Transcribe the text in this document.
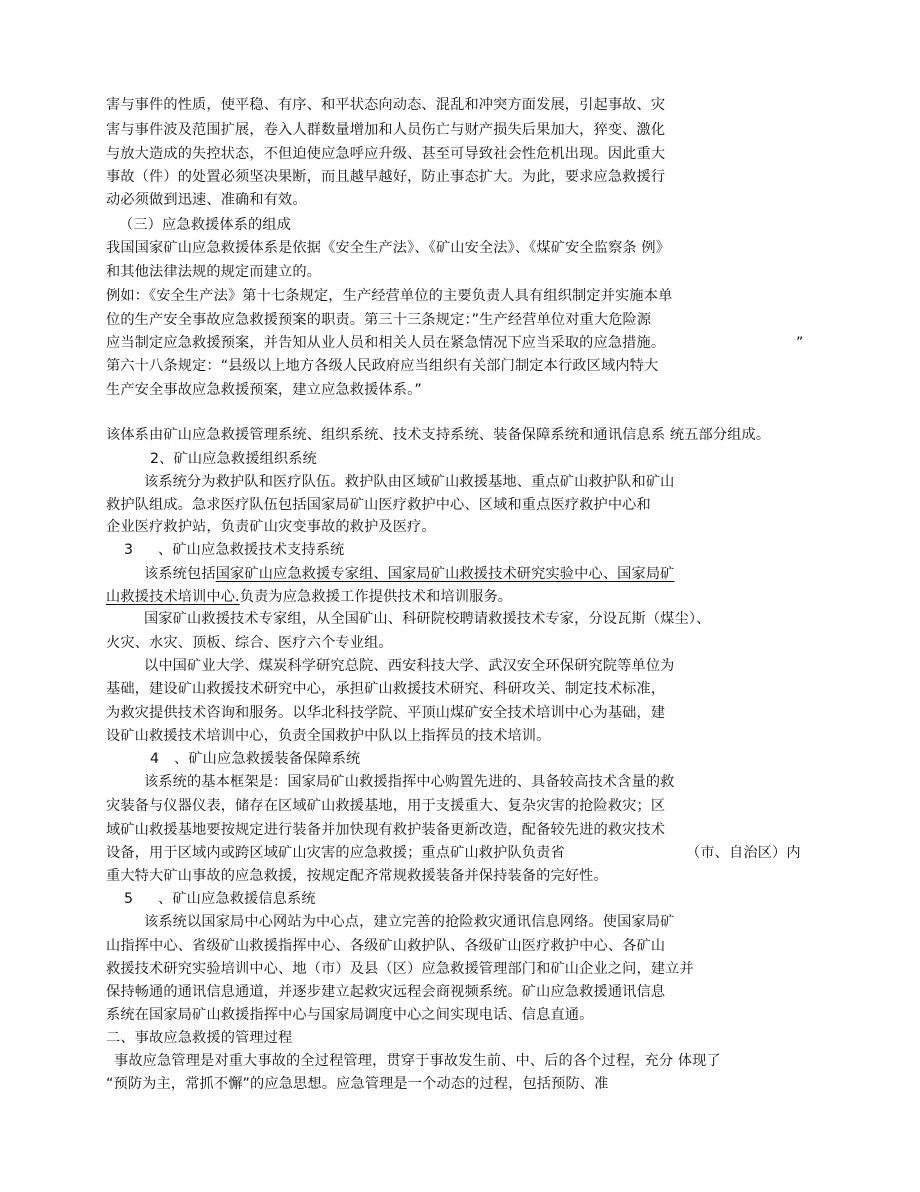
害与事件的性质，使平稳、有序、和平状态向动态、混乱和冲突方面发展，引起事故、灾
害与事件波及范围扩展，卷入人群数量增加和人员伤亡与财产损失后果加大，猝变、激化
与放大造成的失控状态，不但迫使应急呼应升级、甚至可导致社会性危机出现。因此重大
事故（件）的处置必须坚决果断，而且越早越好，防止事态扩大。为此，要求应急救援行
动必须做到迅速、准确和有效。
（三）应急救援体系的组成
我国国家矿山应急救援体系是依据《安全生产法》、《矿山安全法》、《煤矿安全监察条 例》
和其他法律法规的规定而建立的。
例如：《安全生产法》第十七条规定，生产经营单位的主要负责人具有组织制定并实施本单
位的生产安全事故应急救援预案的职责。第三十三条规定：”生产经营单位对重大危险源
应当制定应急救援预案，并告知从业人员和相关人员在紧急情况下应当采取的应急措施。	”
第六十八条规定：“县级以上地方各级人民政府应当组织有关部门制定本行政区域内特大
生产安全事故应急救援预案，建立应急救援体系。”
该体系由矿山应急救援管理系统、组织系统、技术支持系统、装备保障系统和通讯信息系 统五部分组成。
2、矿山应急救援组织系统
该系统分为救护队和医疗队伍。救护队由区域矿山救援基地、重点矿山救护队和矿山
救护队组成。急求医疗队伍包括国家局矿山医疗救护中心、区域和重点医疗救护中心和
企业医疗救护站，负责矿山灾变事故的救护及医疗。
3 、矿山应急救援技术支持系统
该系统包括国家矿山应急救援专家组、国家局矿山救援技术研究实验中心、国家局矿
山救援技术培训中心.负责为应急救援工作提供技术和培训服务。
国家矿山救援技术专家组，从全国矿山、科研院校聘请救援技术专家，分设瓦斯（煤尘）、
火灾、水灾、顶板、综合、医疗六个专业组。
以中国矿业大学、煤炭科学研究总院、西安科技大学、武汉安全环保研究院等单位为
基础，建设矿山救援技术研究中心，承担矿山救援技术研究、科研攻关、制定技术标准，
为救灾提供技术咨询和服务。以华北科技学院、平顶山煤矿安全技术培训中心为基础，建
设矿山救援技术培训中心，负责全国救护中队以上指挥员的技术培训。
4 、矿山应急救援装备保障系统
该系统的基本框架是：国家局矿山救援指挥中心购置先进的、具备较高技术含量的救
灾装备与仪器仪表，储存在区域矿山救援基地，用于支援重大、复杂灾害的抢险救灾；区
域矿山救援基地要按规定进行装备并加快现有救护装备更新改造，配备较先进的救灾技术
设备，用于区域内或跨区域矿山灾害的应急救援；重点矿山救护队负责省	（市、自治区）内
重大特大矿山事故的应急救援，按规定配齐常规救援装备并保持装备的完好性。
5 、矿山应急救援信息系统
该系统以国家局中心网站为中心点，建立完善的抢险救灾通讯信息网络。使国家局矿
山指挥中心、省级矿山救援指挥中心、各级矿山救护队、各级矿山医疗救护中心、各矿山
救援技术研究实验培训中心、地（市）及县（区）应急救援管理部门和矿山企业之问，建立并
保持畅通的通讯信息通道，并逐步建立起救灾远程会商视频系统。矿山应急救援通讯信息
系统在国家局矿山救援指挥中心与国家局调度中心之间实现电话、信息直通。
二、事故应急救援的管理过程
事故应急管理是对重大事故的全过程管理，贯穿于事故发生前、中、后的各个过程，充分 体现了
“预防为主，常抓不懈”的应急思想。应急管理是一个动态的过程，包括预防、准
